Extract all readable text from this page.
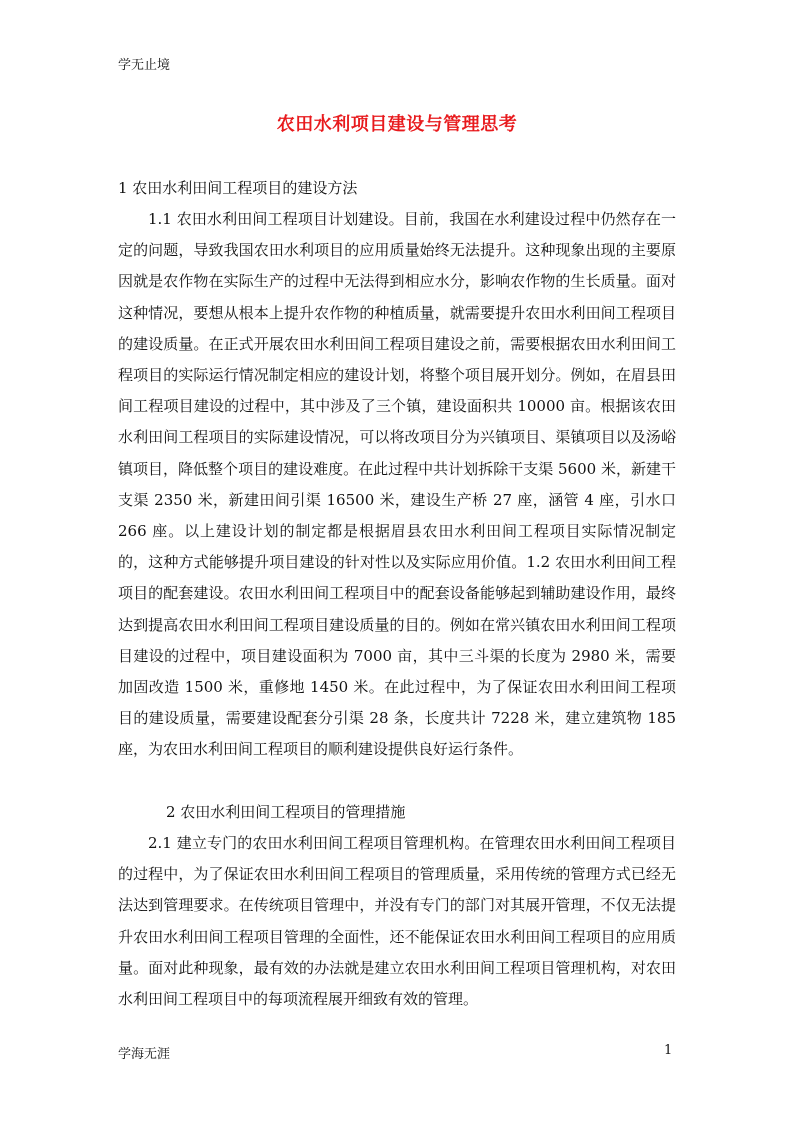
学无止境
农田水利项目建设与管理思考
1 农田水利田间工程项目的建设方法
1.1 农田水利田间工程项目计划建设。目前，我国在水利建设过程中仍然存在一定的问题，导致我国农田水利项目的应用质量始终无法提升。这种现象出现的主要原因就是农作物在实际生产的过程中无法得到相应水分，影响农作物的生长质量。面对这种情况，要想从根本上提升农作物的种植质量，就需要提升农田水利田间工程项目的建设质量。在正式开展农田水利田间工程项目建设之前，需要根据农田水利田间工程项目的实际运行情况制定相应的建设计划，将整个项目展开划分。例如，在眉县田间工程项目建设的过程中，其中涉及了三个镇，建设面积共 10000 亩。根据该农田水利田间工程项目的实际建设情况，可以将改项目分为兴镇项目、渠镇项目以及汤峪镇项目，降低整个项目的建设难度。在此过程中共计划拆除干支渠 5600 米，新建干支渠 2350 米，新建田间引渠 16500 米，建设生产桥 27 座，涵管 4 座，引水口 266 座。以上建设计划的制定都是根据眉县农田水利田间工程项目实际情况制定的，这种方式能够提升项目建设的针对性以及实际应用价值。1.2 农田水利田间工程项目的配套建设。农田水利田间工程项目中的配套设备能够起到辅助建设作用，最终达到提高农田水利田间工程项目建设质量的目的。例如在常兴镇农田水利田间工程项目建设的过程中，项目建设面积为 7000 亩，其中三斗渠的长度为 2980 米，需要加固改造 1500 米，重修地 1450 米。在此过程中，为了保证农田水利田间工程项目的建设质量，需要建设配套分引渠 28 条，长度共计 7228 米，建立建筑物 185 座，为农田水利田间工程项目的顺利建设提供良好运行条件。
2 农田水利田间工程项目的管理措施
2.1 建立专门的农田水利田间工程项目管理机构。在管理农田水利田间工程项目的过程中，为了保证农田水利田间工程项目的管理质量，采用传统的管理方式已经无法达到管理要求。在传统项目管理中，并没有专门的部门对其展开管理，不仅无法提升农田水利田间工程项目管理的全面性，还不能保证农田水利田间工程项目的应用质量。面对此种现象，最有效的办法就是建立农田水利田间工程项目管理机构，对农田水利田间工程项目中的每项流程展开细致有效的管理。
学海无涯	1
